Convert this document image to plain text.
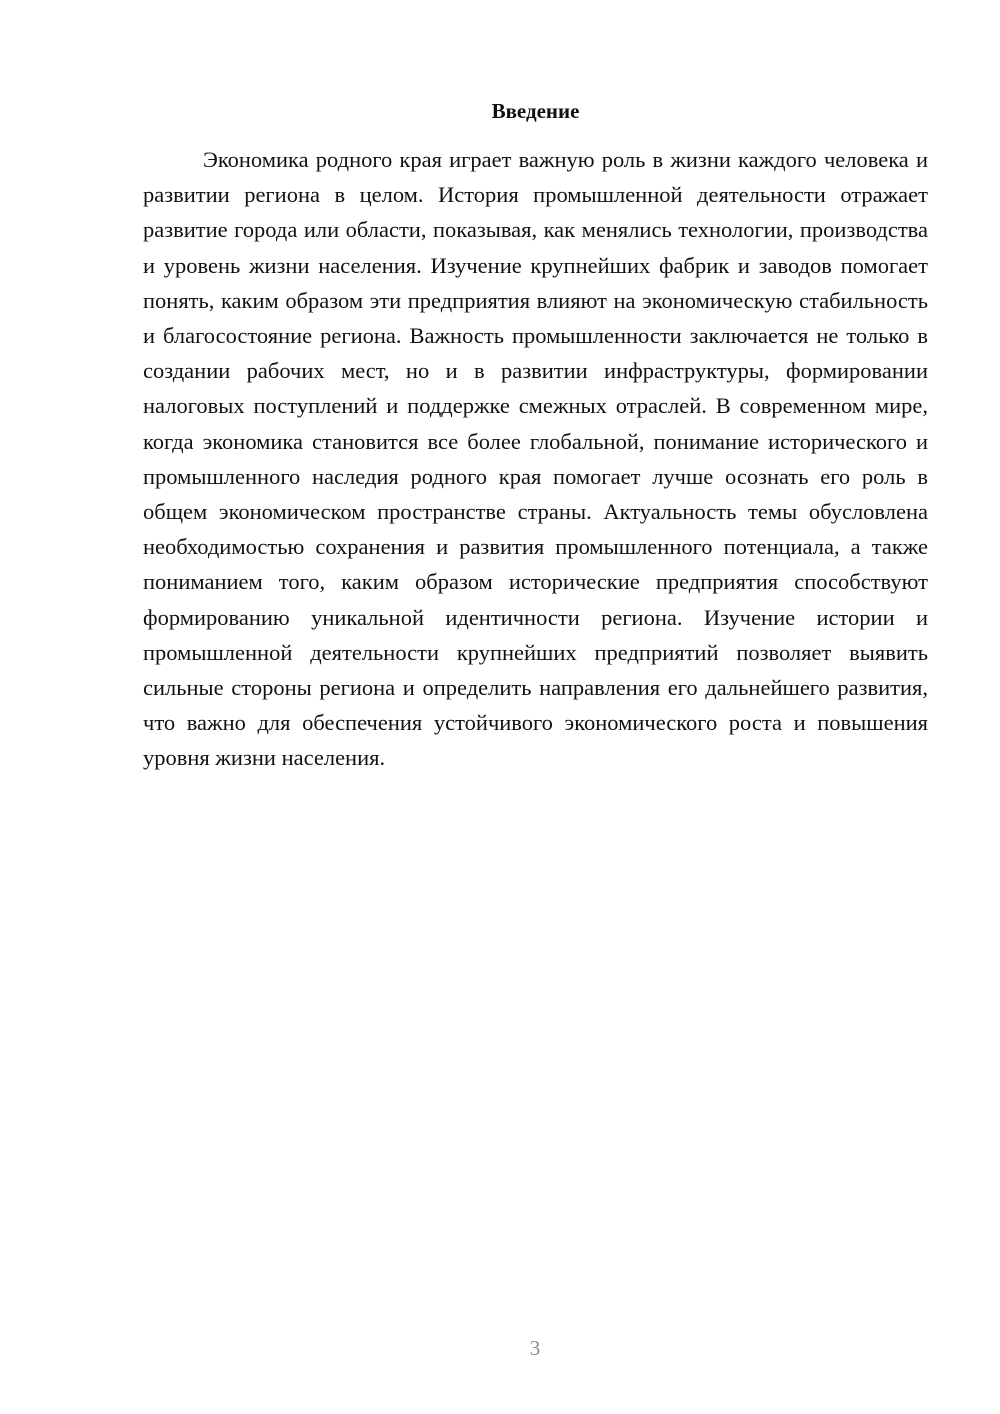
Введение

Экономика родного края играет важную роль в жизни каждого человека и развитии региона в целом. История промышленной деятельности отражает развитие города или области, показывая, как менялись технологии, производства и уровень жизни населения. Изучение крупнейших фабрик и заводов помогает понять, каким образом эти предприятия влияют на экономическую стабильность и благосостояние региона. Важность промышленности заключается не только в создании рабочих мест, но и в развитии инфраструктуры, формировании налоговых поступлений и поддержке смежных отраслей. В современном мире, когда экономика становится все более глобальной, понимание исторического и промышленного наследия родного края помогает лучше осознать его роль в общем экономическом пространстве страны. Актуальность темы обусловлена необходимостью сохранения и развития промышленного потенциала, а также пониманием того, каким образом исторические предприятия способствуют формированию уникальной идентичности региона. Изучение истории и промышленной деятельности крупнейших предприятий позволяет выявить сильные стороны региона и определить направления его дальнейшего развития, что важно для обеспечения устойчивого экономического роста и повышения уровня жизни населения.

3
